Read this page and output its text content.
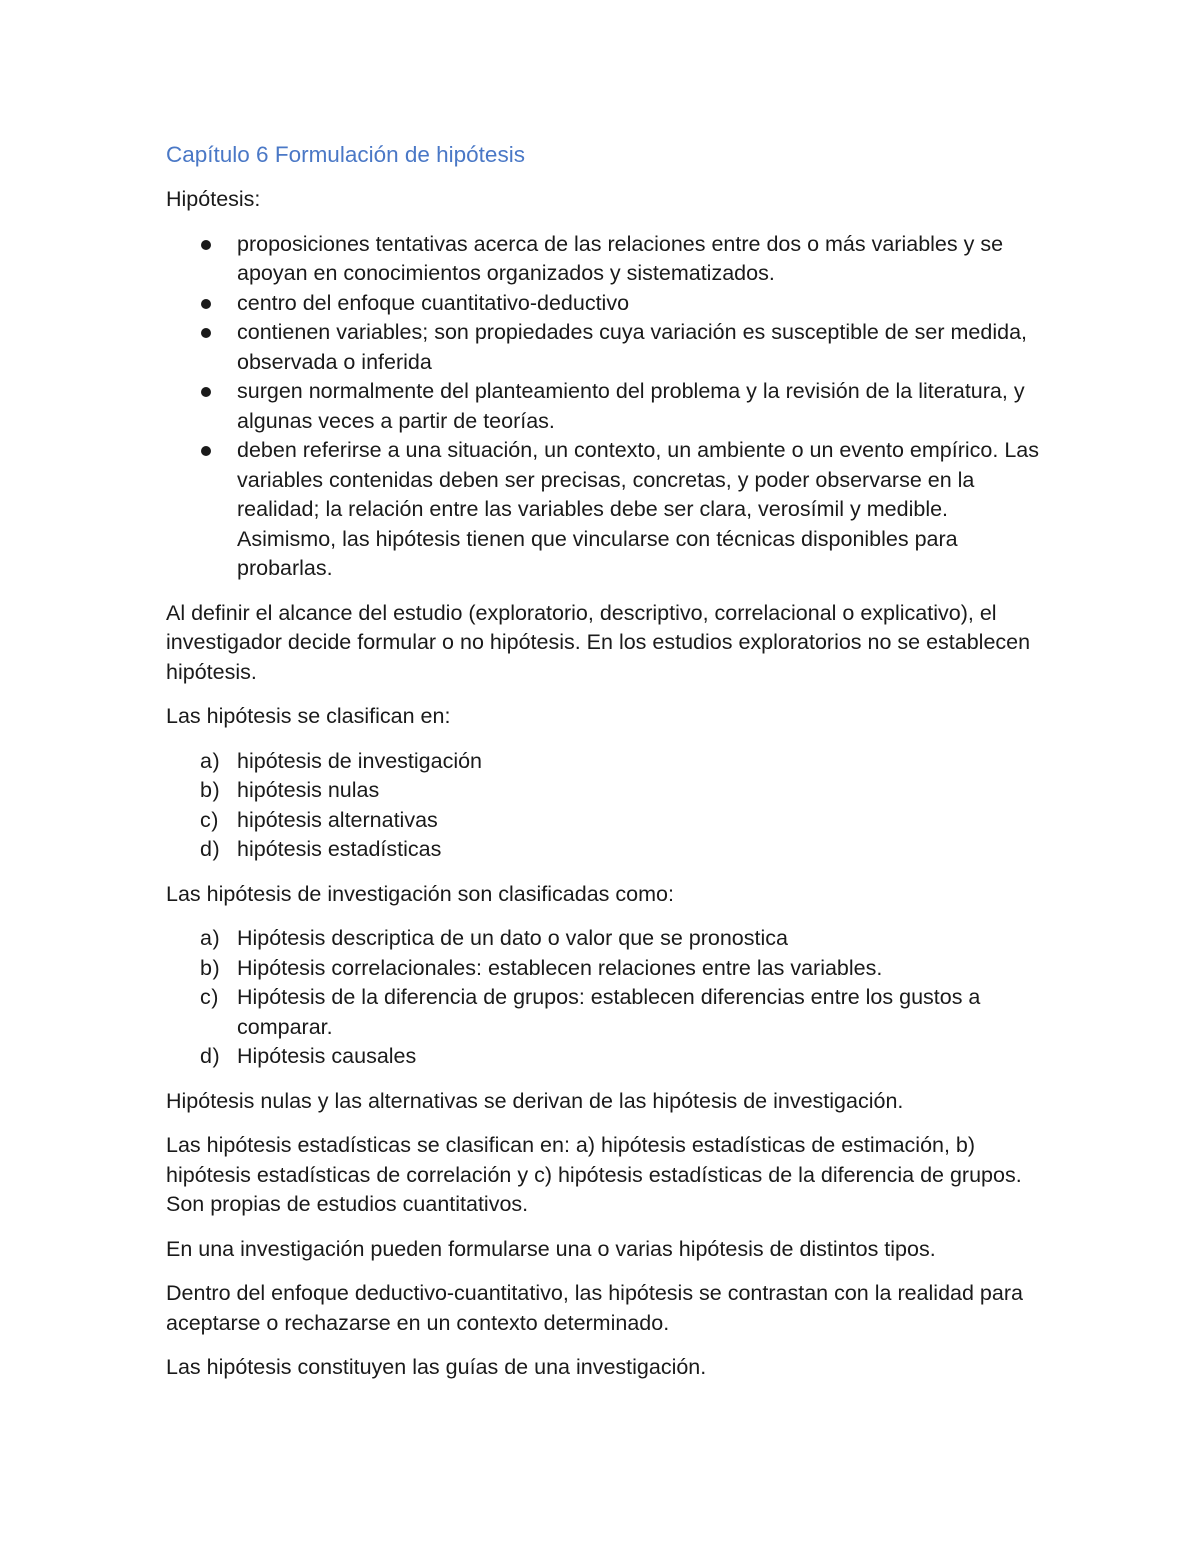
Capítulo 6 Formulación de hipótesis

Hipótesis:

proposiciones tentativas acerca de las relaciones entre dos o más variables y se apoyan en conocimientos organizados y sistematizados.
centro del enfoque cuantitativo-deductivo
contienen variables; son propiedades cuya variación es susceptible de ser medida, observada o inferida
surgen normalmente del planteamiento del problema y la revisión de la literatura, y algunas veces a partir de teorías.
deben referirse a una situación, un contexto, un ambiente o un evento empírico. Las variables contenidas deben ser precisas, concretas, y poder observarse en la realidad; la relación entre las variables debe ser clara, verosímil y medible. Asimismo, las hipótesis tienen que vincularse con técnicas disponibles para probarlas.

Al definir el alcance del estudio (exploratorio, descriptivo, correlacional o explicativo), el investigador decide formular o no hipótesis. En los estudios exploratorios no se establecen hipótesis.

Las hipótesis se clasifican en:

a) hipótesis de investigación
b) hipótesis nulas
c) hipótesis alternativas
d) hipótesis estadísticas

Las hipótesis de investigación son clasificadas como:

a) Hipótesis descriptica de un dato o valor que se pronostica
b) Hipótesis correlacionales: establecen relaciones entre las variables.
c) Hipótesis de la diferencia de grupos: establecen diferencias entre los gustos a comparar.
d) Hipótesis causales

Hipótesis nulas y las alternativas se derivan de las hipótesis de investigación.

Las hipótesis estadísticas se clasifican en: a) hipótesis estadísticas de estimación, b) hipótesis estadísticas de correlación y c) hipótesis estadísticas de la diferencia de grupos. Son propias de estudios cuantitativos.

En una investigación pueden formularse una o varias hipótesis de distintos tipos.

Dentro del enfoque deductivo-cuantitativo, las hipótesis se contrastan con la realidad para aceptarse o rechazarse en un contexto determinado.

Las hipótesis constituyen las guías de una investigación.
